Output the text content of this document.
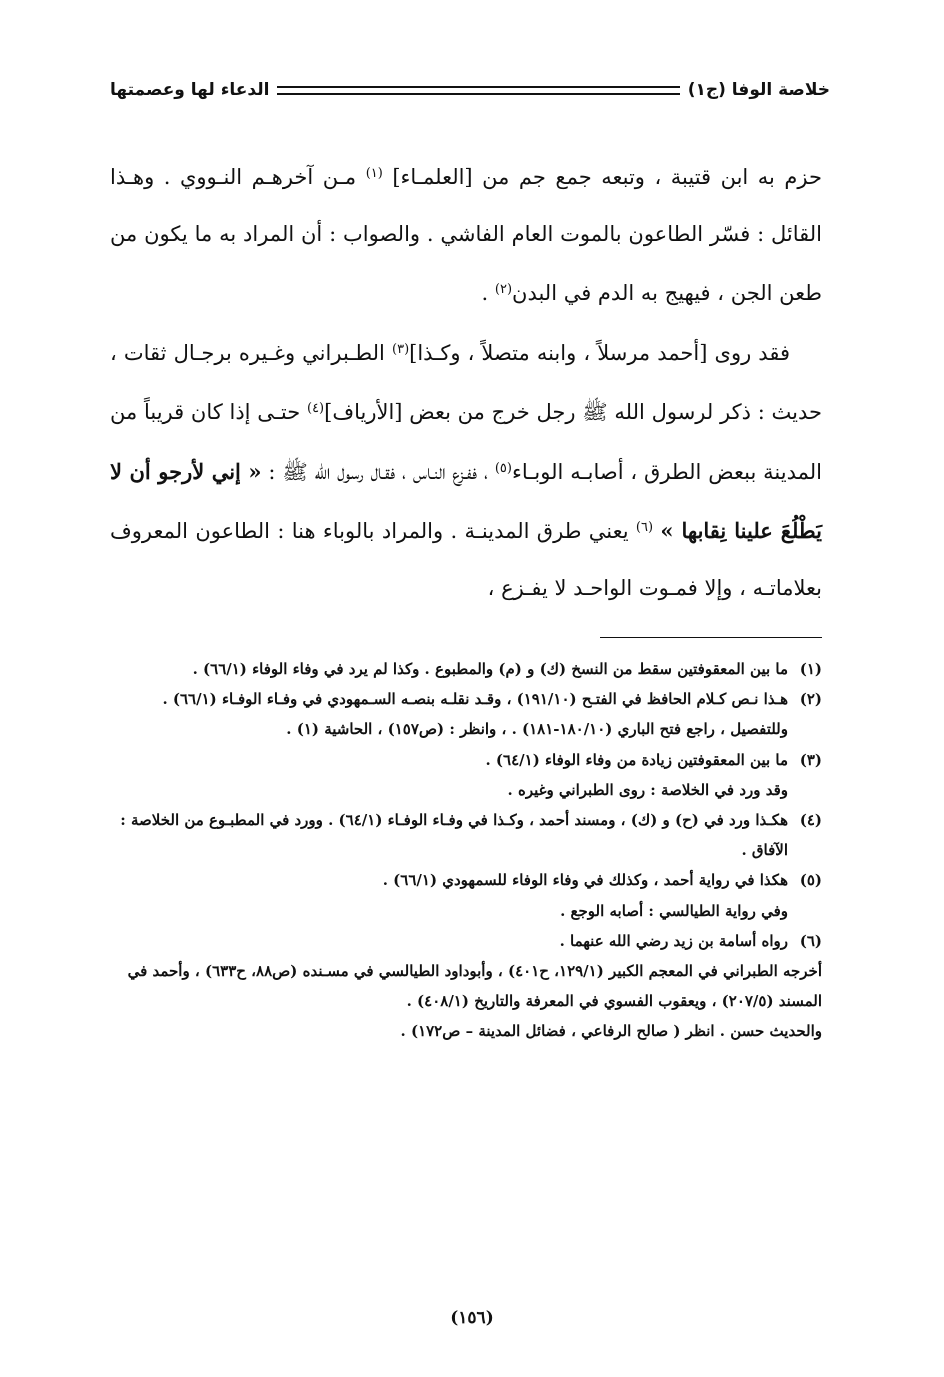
خلاصة الوفا (ج١)
الدعاء لها وعصمتها

حزم به ابن قتيبة ، وتبعه جمع جم من [العلمـاء] $^{(١)}$ مـن آخرهـم النـووي . وهـذا القائل : فسّر الطاعون بالموت العام الفاشي . والصواب : أن المراد به ما يكون من طعن الجن ، فيهيج به الدم في البدن$^{(٢)}$ .

فقد روى [أحمد مرسلاً ، وابنه متصلاً ، وكـذا]$^{(٣)}$ الطـبراني وغـيره برجـال ثقات ، حديث : ذكر لرسول الله ﷺ رجل خرج من بعض [الأرياف]$^{(٤)}$ حتـى إذا كان قريباً من المدينة ببعض الطرق ، أصابـه الوبـاء$^{(٥)}$ ، ففـزع النـاس ، فقـال رسول الله ﷺ : « إني لأرجو أن لا يَطْلُعَ علينا نِقابها » $^{(٦)}$ يعني طرق المدينـة . والمراد بالوباء هنا : الطاعون المعروف بعلاماتـه ، وإلا فمـوت الواحـد لا يفـزع ،

(١)
ما بين المعقوفتين سقط من النسخ (ك) و (م) والمطبوع . وكذا لم يرد في وفاء الوفاء (٦٦/١) .
(٢)
هـذا نـص كـلام الحافظ في الفتـح (١٩١/١٠) ، وقـد نقلـه بنصـه السـمهودي في وفـاء الوفـاء (٦٦/١) .
وللتفصيل ، راجع فتح الباري (١٨٠/١٠-١٨١) . ، وانظر : (ص١٥٧) ، الحاشية (١) .
(٣)
ما بين المعقوفتين زيادة من وفاء الوفاء (٦٤/١) .
وقد ورد في الخلاصة : روى الطبراني وغيره .
(٤)
هكـذا ورد في (ح) و (ك) ، ومسند أحمد ، وكـذا في وفـاء الوفـاء (٦٤/١) . وورد في المطبـوع من الخلاصة : الآفاق .
(٥)
هكذا في رواية أحمد ، وكذلك في وفاء الوفاء للسمهودي (٦٦/١) .
وفي رواية الطيالسي : أصابه الوجع .
(٦)
رواه أسامة بن زيد رضي الله عنهما .
أخرجه الطبراني في المعجم الكبير (١٢٩/١، ح٤٠١) ، وأبوداود الطيالسي في مسـنده (ص٨٨، ح٦٣٣) ، وأحمد في المسند (٢٠٧/٥) ، ويعقوب الفسوي في المعرفة والتاريخ (٤٠٨/١) .
والحديث حسن . انظر ( صالح الرفاعي ، فضائل المدينة – ص١٧٢) .
(١٥٦)
